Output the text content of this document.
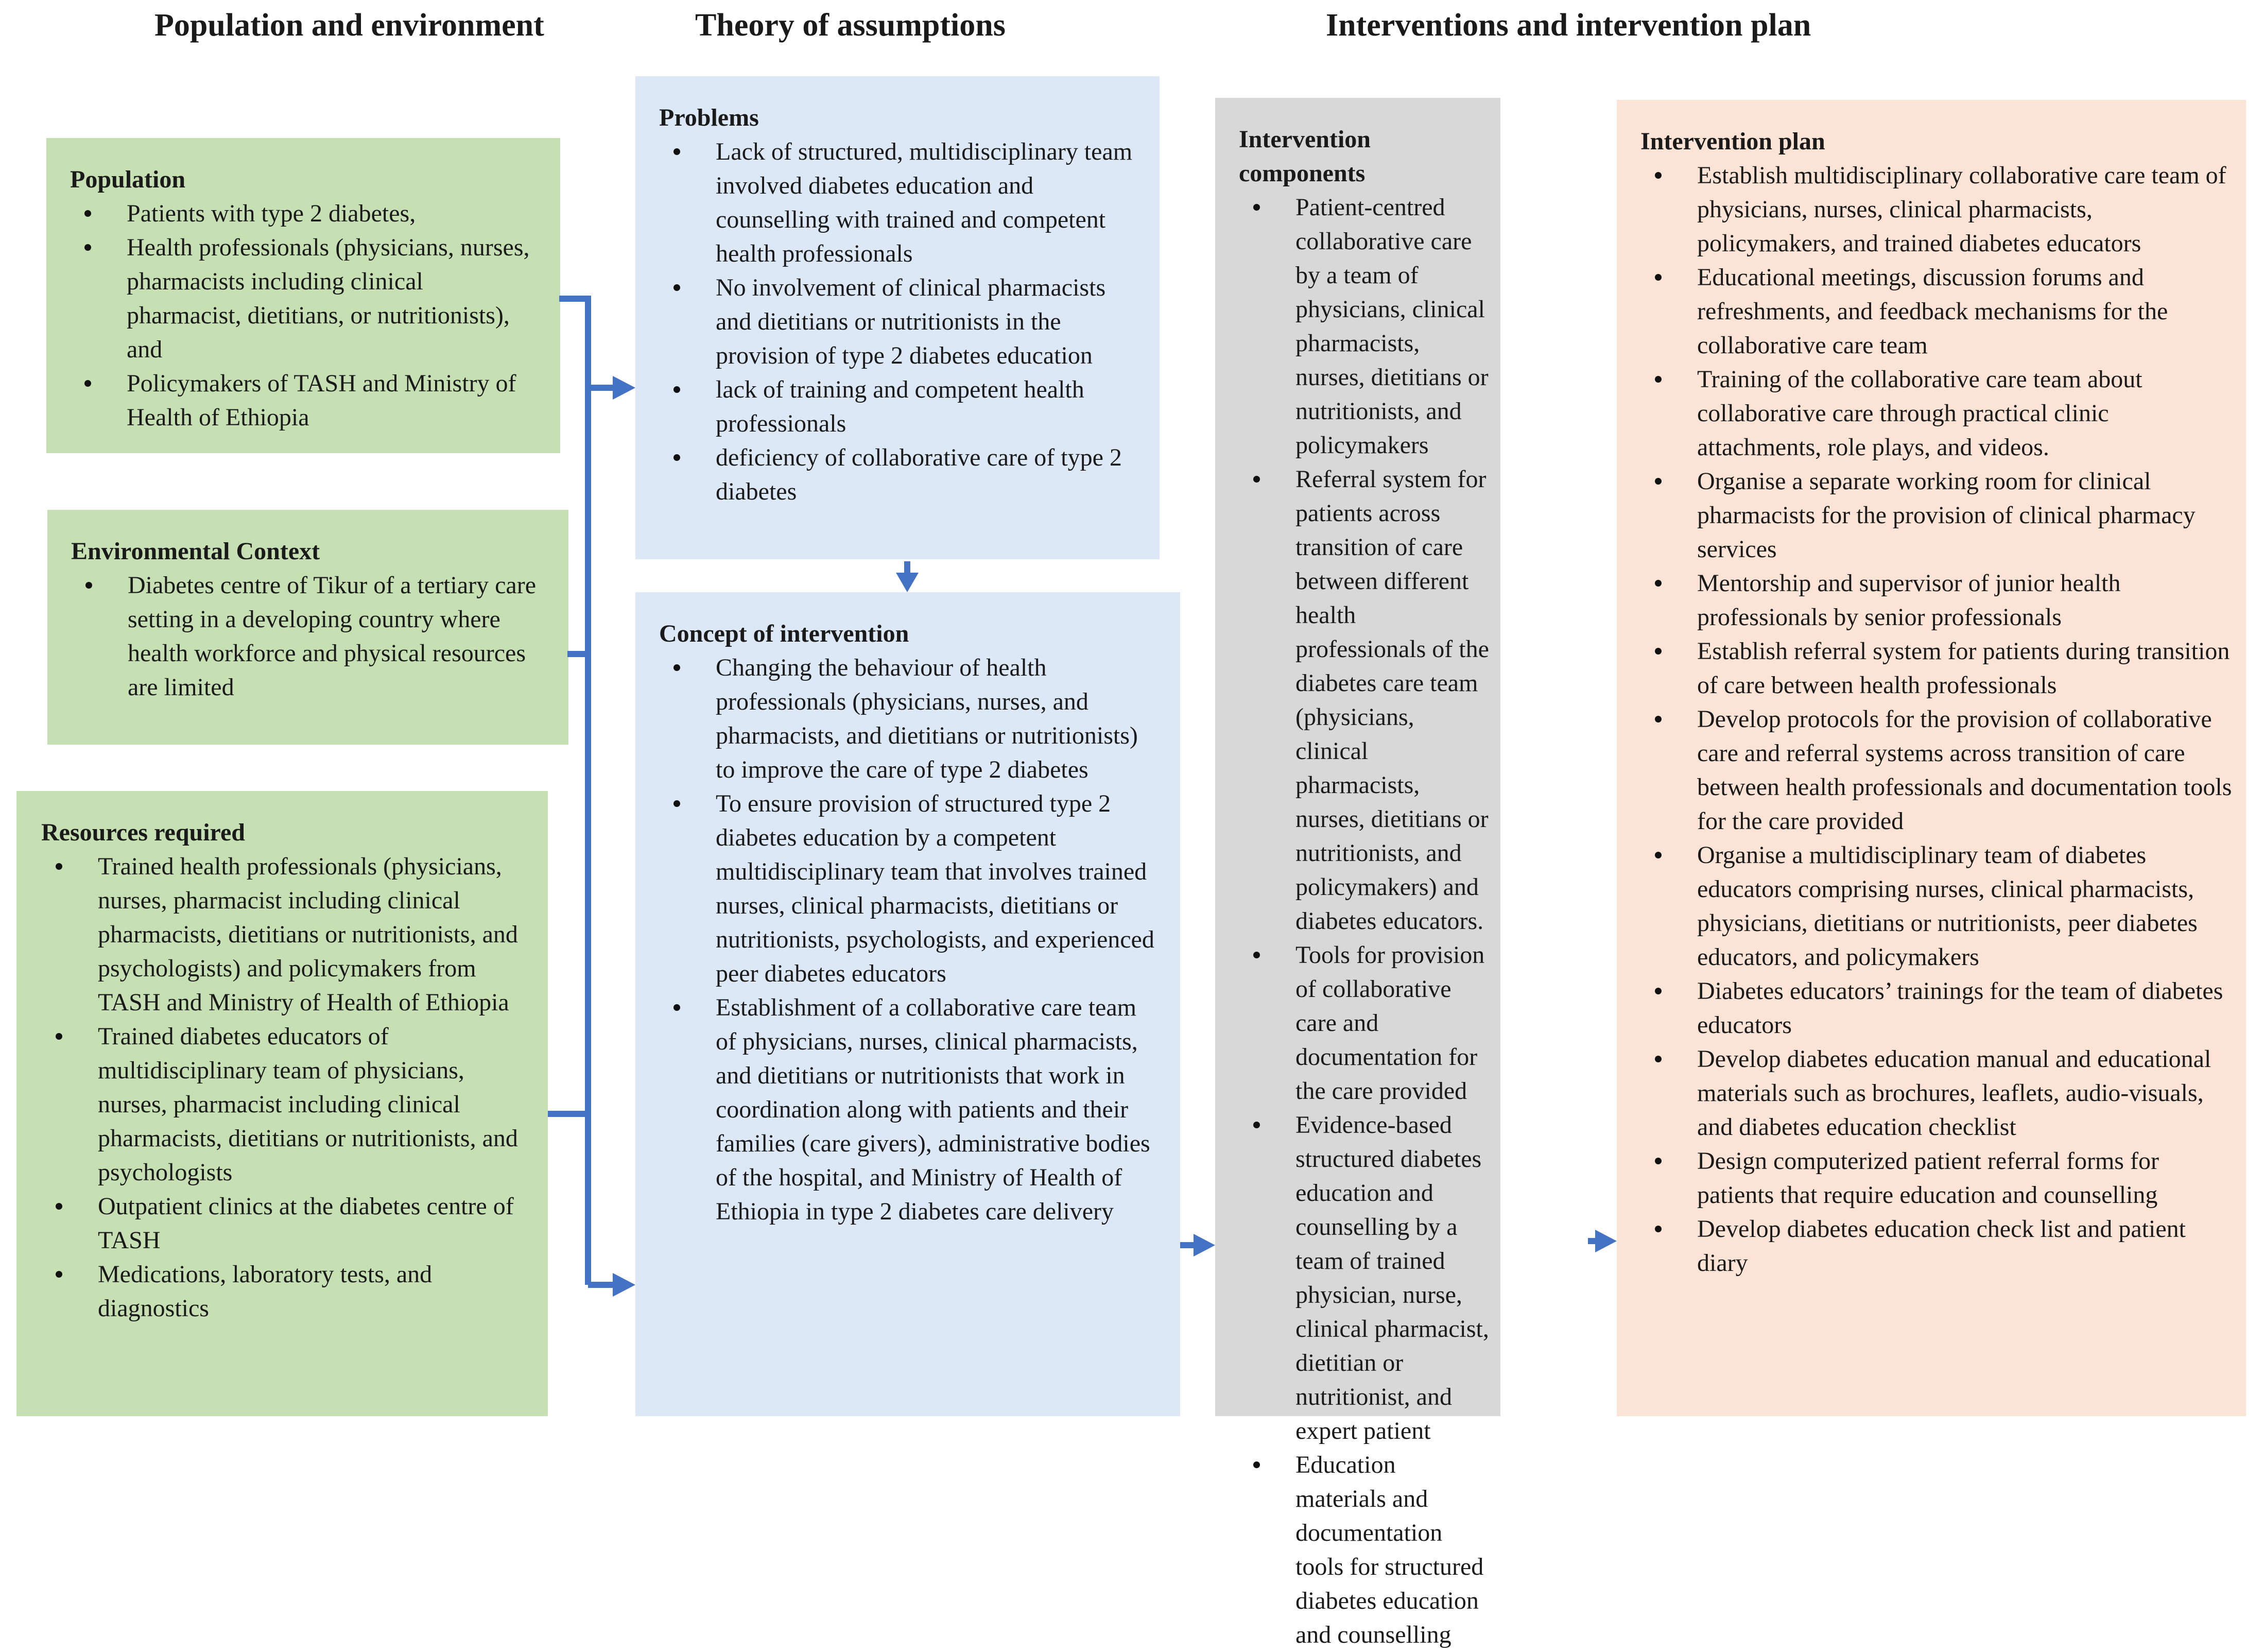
Population and environment	Theory of assumptions	Interventions and intervention plan
Population
Patients with type 2 diabetes,
Health professionals (physicians, nurses, pharmacists including clinical pharmacist, dietitians, or nutritionists), and
Policymakers of TASH and Ministry of Health of Ethiopia
Environmental Context
Diabetes centre of Tikur of a tertiary care setting in a developing country where health workforce and physical resources are limited
Resources required
Trained health professionals (physicians, nurses, pharmacist including clinical pharmacists, dietitians or nutritionists, and psychologists) and policymakers from TASH and Ministry of Health of Ethiopia
Trained diabetes educators of multidisciplinary team of physicians, nurses, pharmacist including clinical pharmacists, dietitians or nutritionists, and psychologists
Outpatient clinics at the diabetes centre of TASH
Medications, laboratory tests, and diagnostics
Problems
Lack of structured, multidisciplinary team involved diabetes education and counselling with trained and competent health professionals
No involvement of clinical pharmacists and dietitians or nutritionists in the provision of type 2 diabetes education
lack of training and competent health professionals
deficiency of collaborative care of type 2 diabetes
Concept of intervention
Changing the behaviour of health professionals (physicians, nurses, and pharmacists, and dietitians or nutritionists) to improve the care of type 2 diabetes
To ensure provision of structured type 2 diabetes education by a competent multidisciplinary team that involves trained nurses, clinical pharmacists, dietitians or nutritionists, psychologists, and experienced peer diabetes educators
Establishment of a collaborative care team of physicians, nurses, clinical pharmacists, and dietitians or nutritionists that work in coordination along with patients and their families (care givers), administrative bodies of the hospital, and Ministry of Health of Ethiopia in type 2 diabetes care delivery
Intervention components
Patient-centred collaborative care by a team of physicians, clinical pharmacists, nurses, dietitians or nutritionists, and policymakers
Referral system for patients across transition of care between different health professionals of the diabetes care team (physicians, clinical pharmacists, nurses, dietitians or nutritionists, and policymakers) and diabetes educators.
Tools for provision of collaborative care and documentation for the care provided
Evidence-based structured diabetes education and counselling by a team of trained physician, nurse, clinical pharmacist, dietitian or nutritionist, and expert patient
Education materials and documentation tools for structured diabetes education and counselling
Intervention plan
Establish multidisciplinary collaborative care team of physicians, nurses, clinical pharmacists, policymakers, and trained diabetes educators
Educational meetings, discussion forums and refreshments, and feedback mechanisms for the collaborative care team
Training of the collaborative care team about collaborative care through practical clinic attachments, role plays, and videos.
Organise a separate working room for clinical pharmacists for the provision of clinical pharmacy services
Mentorship and supervisor of junior health professionals by senior professionals
Establish referral system for patients during transition of care between health professionals
Develop protocols for the provision of collaborative care and referral systems across transition of care between health professionals and documentation tools for the care provided
Organise a multidisciplinary team of diabetes educators comprising nurses, clinical pharmacists, physicians, dietitians or nutritionists, peer diabetes educators, and policymakers
Diabetes educators’ trainings for the team of diabetes educators
Develop diabetes education manual and educational materials such as brochures, leaflets, audio-visuals, and diabetes education checklist
Design computerized patient referral forms for patients that require education and counselling
Develop diabetes education check list and patient diary
